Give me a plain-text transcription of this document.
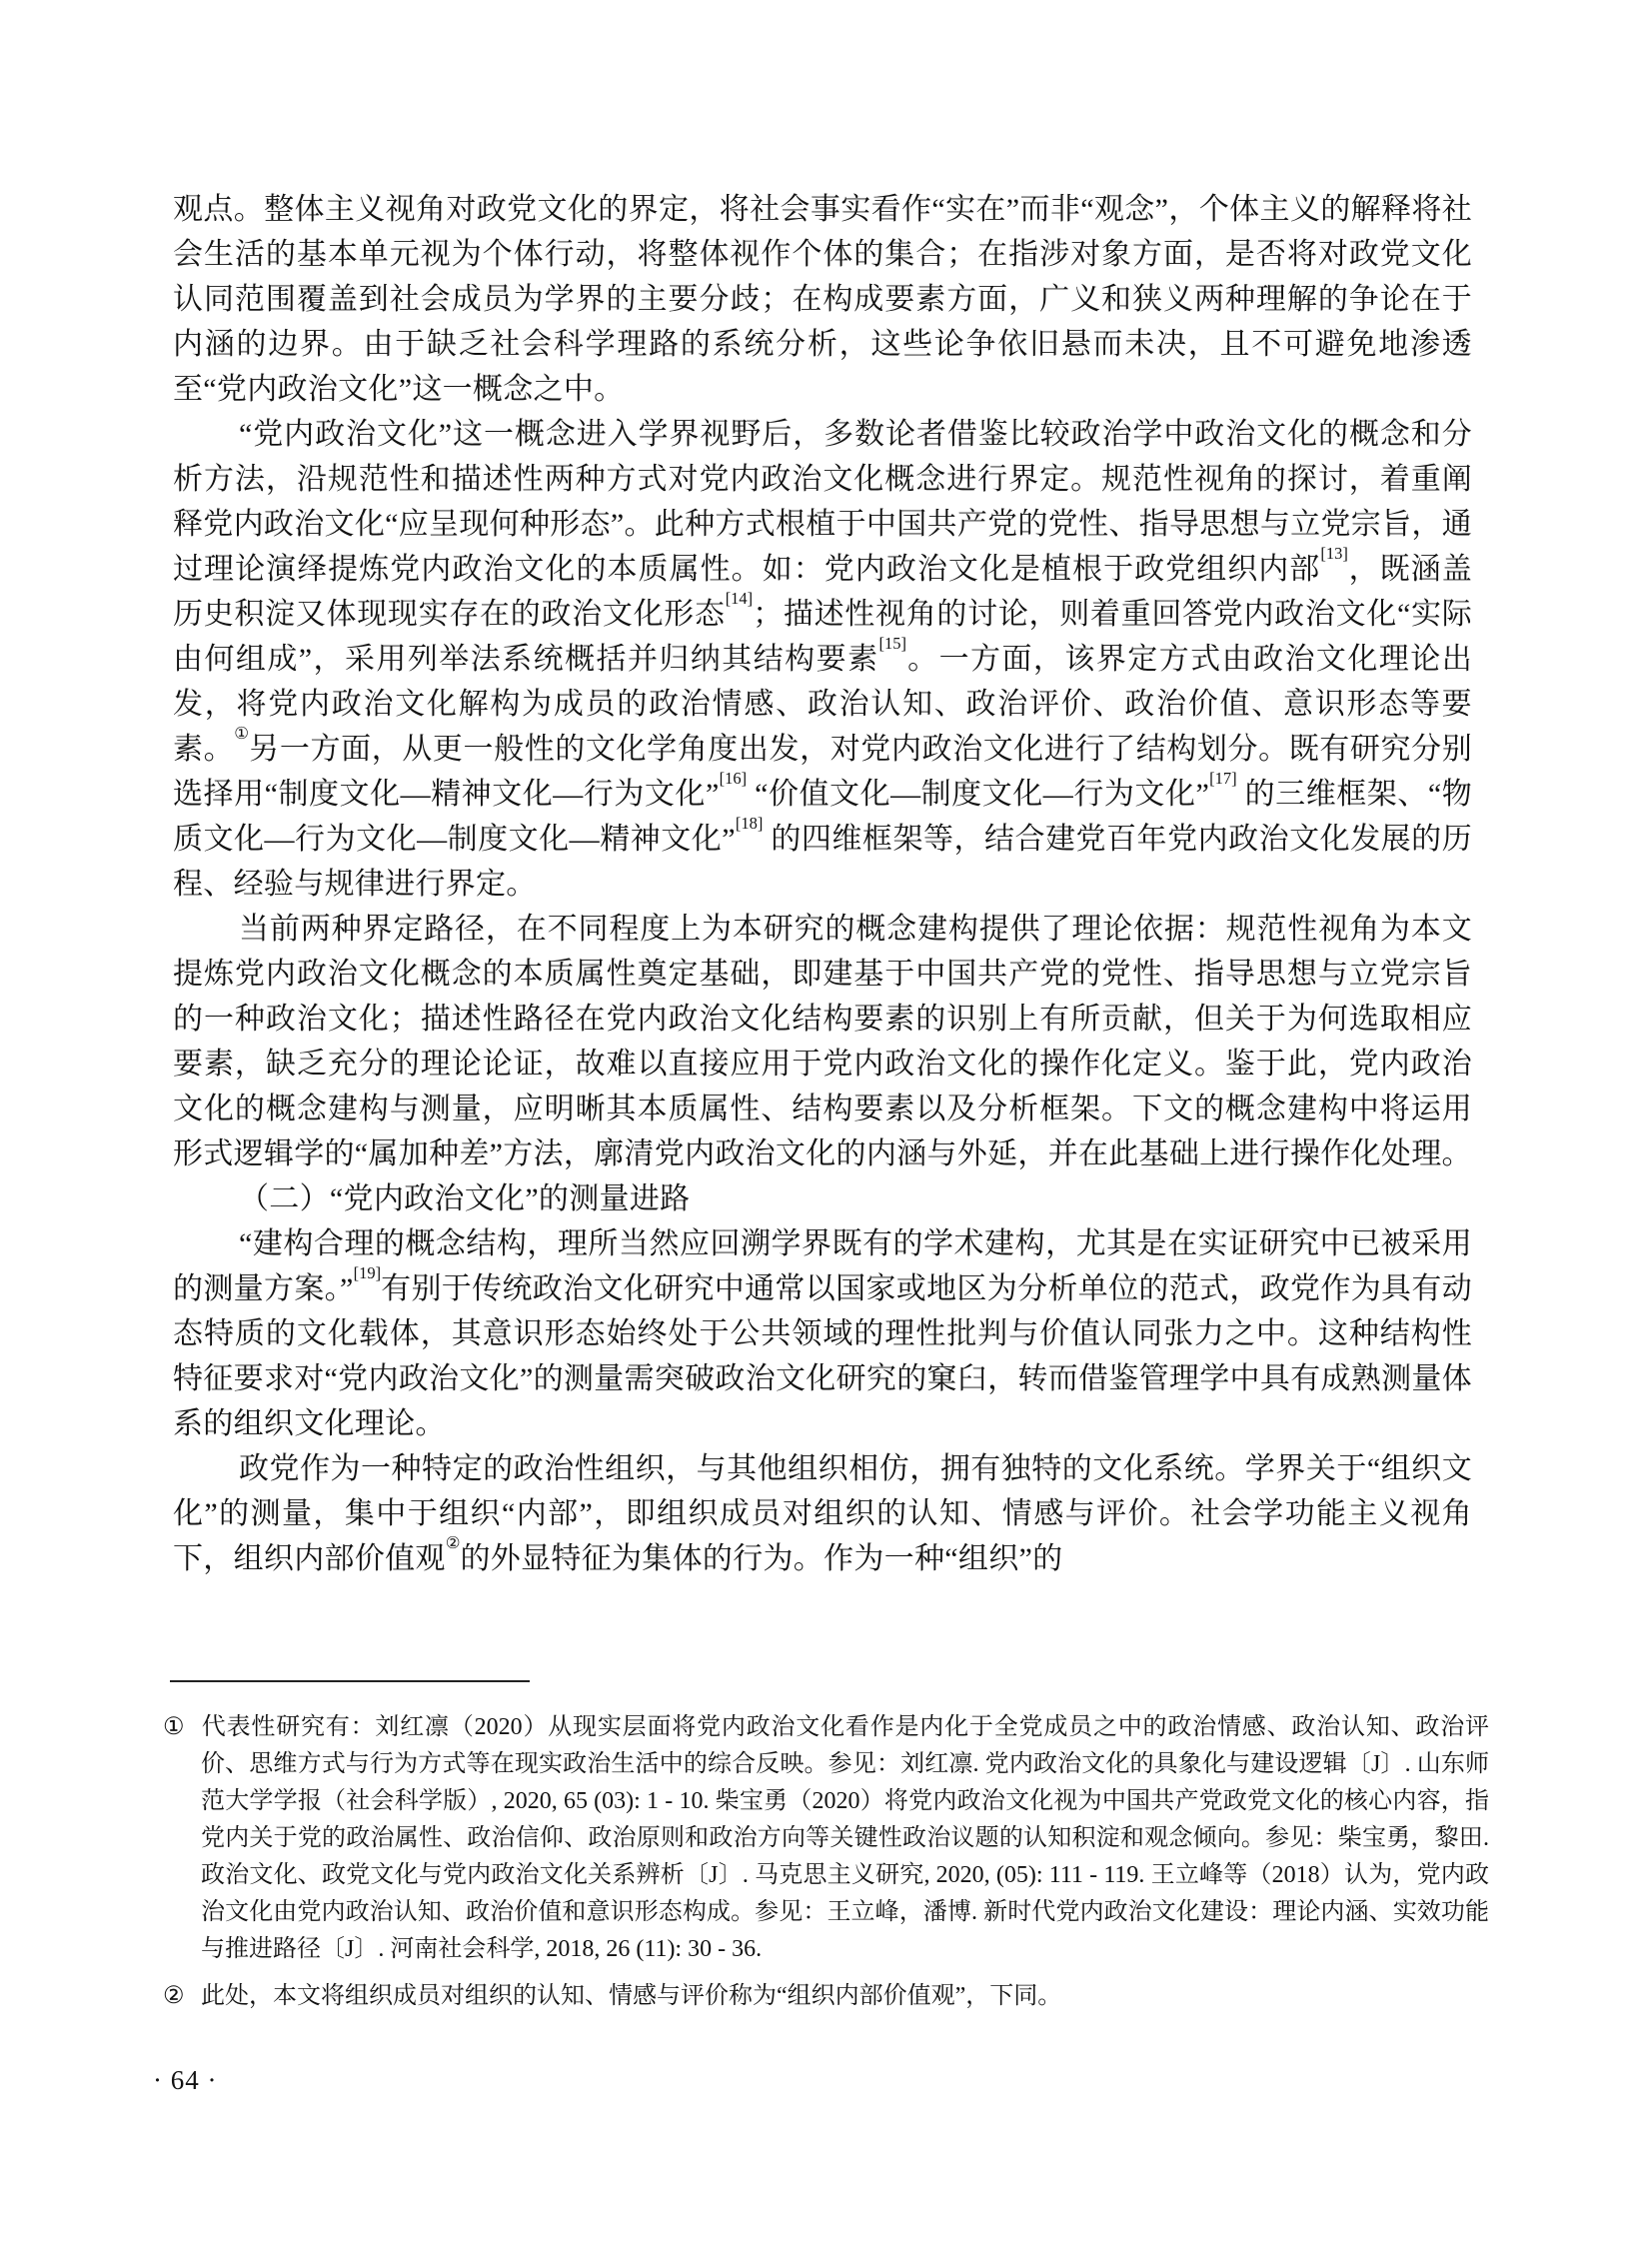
观点。整体主义视角对政党文化的界定，将社会事实看作“实在”而非“观念”，个体主义的解释将社会生活的基本单元视为个体行动，将整体视作个体的集合；在指涉对象方面，是否将对政党文化认同范围覆盖到社会成员为学界的主要分歧；在构成要素方面，广义和狭义两种理解的争论在于内涵的边界。由于缺乏社会科学理路的系统分析，这些论争依旧悬而未决，且不可避免地渗透至“党内政治文化”这一概念之中。

“党内政治文化”这一概念进入学界视野后，多数论者借鉴比较政治学中政治文化的概念和分析方法，沿规范性和描述性两种方式对党内政治文化概念进行界定。规范性视角的探讨，着重阐释党内政治文化“应呈现何种形态”。此种方式根植于中国共产党的党性、指导思想与立党宗旨，通过理论演绎提炼党内政治文化的本质属性。如：党内政治文化是植根于政党组织内部[13]，既涵盖历史积淀又体现现实存在的政治文化形态[14]；描述性视角的讨论，则着重回答党内政治文化“实际由何组成”，采用列举法系统概括并归纳其结构要素[15]。一方面，该界定方式由政治文化理论出发，将党内政治文化解构为成员的政治情感、政治认知、政治评价、政治价值、意识形态等要素。①另一方面，从更一般性的文化学角度出发，对党内政治文化进行了结构划分。既有研究分别选择用“制度文化—精神文化—行为文化”[16] “价值文化—制度文化—行为文化”[17] 的三维框架、“物质文化—行为文化—制度文化—精神文化”[18] 的四维框架等，结合建党百年党内政治文化发展的历程、经验与规律进行界定。

当前两种界定路径，在不同程度上为本研究的概念建构提供了理论依据：规范性视角为本文提炼党内政治文化概念的本质属性奠定基础，即建基于中国共产党的党性、指导思想与立党宗旨的一种政治文化；描述性路径在党内政治文化结构要素的识别上有所贡献，但关于为何选取相应要素，缺乏充分的理论论证，故难以直接应用于党内政治文化的操作化定义。鉴于此，党内政治文化的概念建构与测量，应明晰其本质属性、结构要素以及分析框架。下文的概念建构中将运用形式逻辑学的“属加种差”方法，廓清党内政治文化的内涵与外延，并在此基础上进行操作化处理。

（二）“党内政治文化”的测量进路

“建构合理的概念结构，理所当然应回溯学界既有的学术建构，尤其是在实证研究中已被采用的测量方案。”[19]有别于传统政治文化研究中通常以国家或地区为分析单位的范式，政党作为具有动态特质的文化载体，其意识形态始终处于公共领域的理性批判与价值认同张力之中。这种结构性特征要求对“党内政治文化”的测量需突破政治文化研究的窠臼，转而借鉴管理学中具有成熟测量体系的组织文化理论。

政党作为一种特定的政治性组织，与其他组织相仿，拥有独特的文化系统。学界关于“组织文化”的测量，集中于组织“内部”，即组织成员对组织的认知、情感与评价。社会学功能主义视角下，组织内部价值观②的外显特征为集体的行为。作为一种“组织”的

① 代表性研究有：刘红凛（2020）从现实层面将党内政治文化看作是内化于全党成员之中的政治情感、政治认知、政治评价、思维方式与行为方式等在现实政治生活中的综合反映。参见：刘红凛. 党内政治文化的具象化与建设逻辑〔J〕. 山东师范大学学报（社会科学版）, 2020, 65 (03): 1 - 10. 柴宝勇（2020）将党内政治文化视为中国共产党政党文化的核心内容，指党内关于党的政治属性、政治信仰、政治原则和政治方向等关键性政治议题的认知积淀和观念倾向。参见：柴宝勇，黎田. 政治文化、政党文化与党内政治文化关系辨析〔J〕. 马克思主义研究, 2020, (05): 111 - 119. 王立峰等（2018）认为，党内政治文化由党内政治认知、政治价值和意识形态构成。参见：王立峰，潘博. 新时代党内政治文化建设：理论内涵、实效功能与推进路径〔J〕. 河南社会科学, 2018, 26 (11): 30 - 36.
② 此处，本文将组织成员对组织的认知、情感与评价称为“组织内部价值观”，下同。
· 64 ·
